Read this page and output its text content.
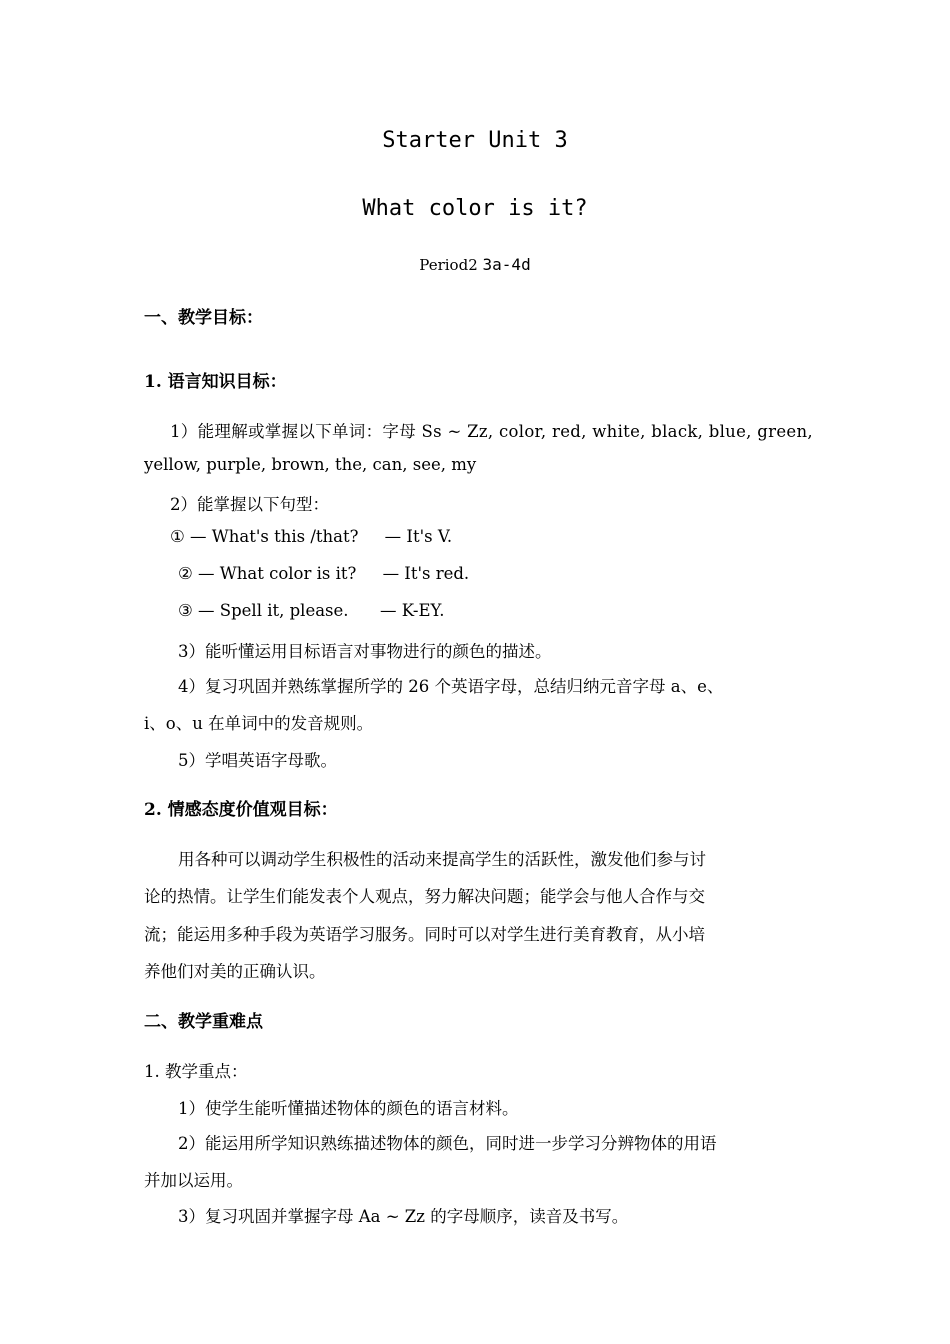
Starter Unit 3
What color is it?
Period2 3a-4d
一、教学目标：
1. 语言知识目标：
1）能理解或掌握以下单词：字母 Ss ~ Zz, color, red, white, black, blue, green,
yellow, purple, brown, the, can, see, my
2）能掌握以下句型：
① — What's this /that?     — It's V.
② — What color is it?     — It's red.
③ — Spell it, please.      — K-EY.
3）能听懂运用目标语言对事物进行的颜色的描述。
4）复习巩固并熟练掌握所学的 26 个英语字母，总结归纳元音字母 a、e、
i、o、u 在单词中的发音规则。
5）学唱英语字母歌。
2. 情感态度价值观目标：
用各种可以调动学生积极性的活动来提高学生的活跃性，激发他们参与讨
论的热情。让学生们能发表个人观点，努力解决问题；能学会与他人合作与交
流；能运用多种手段为英语学习服务。同时可以对学生进行美育教育，从小培
养他们对美的正确认识。
二、教学重难点
1. 教学重点：
1）使学生能听懂描述物体的颜色的语言材料。
2）能运用所学知识熟练描述物体的颜色，同时进一步学习分辨物体的用语
并加以运用。
3）复习巩固并掌握字母 Aa ~ Zz 的字母顺序，读音及书写。
